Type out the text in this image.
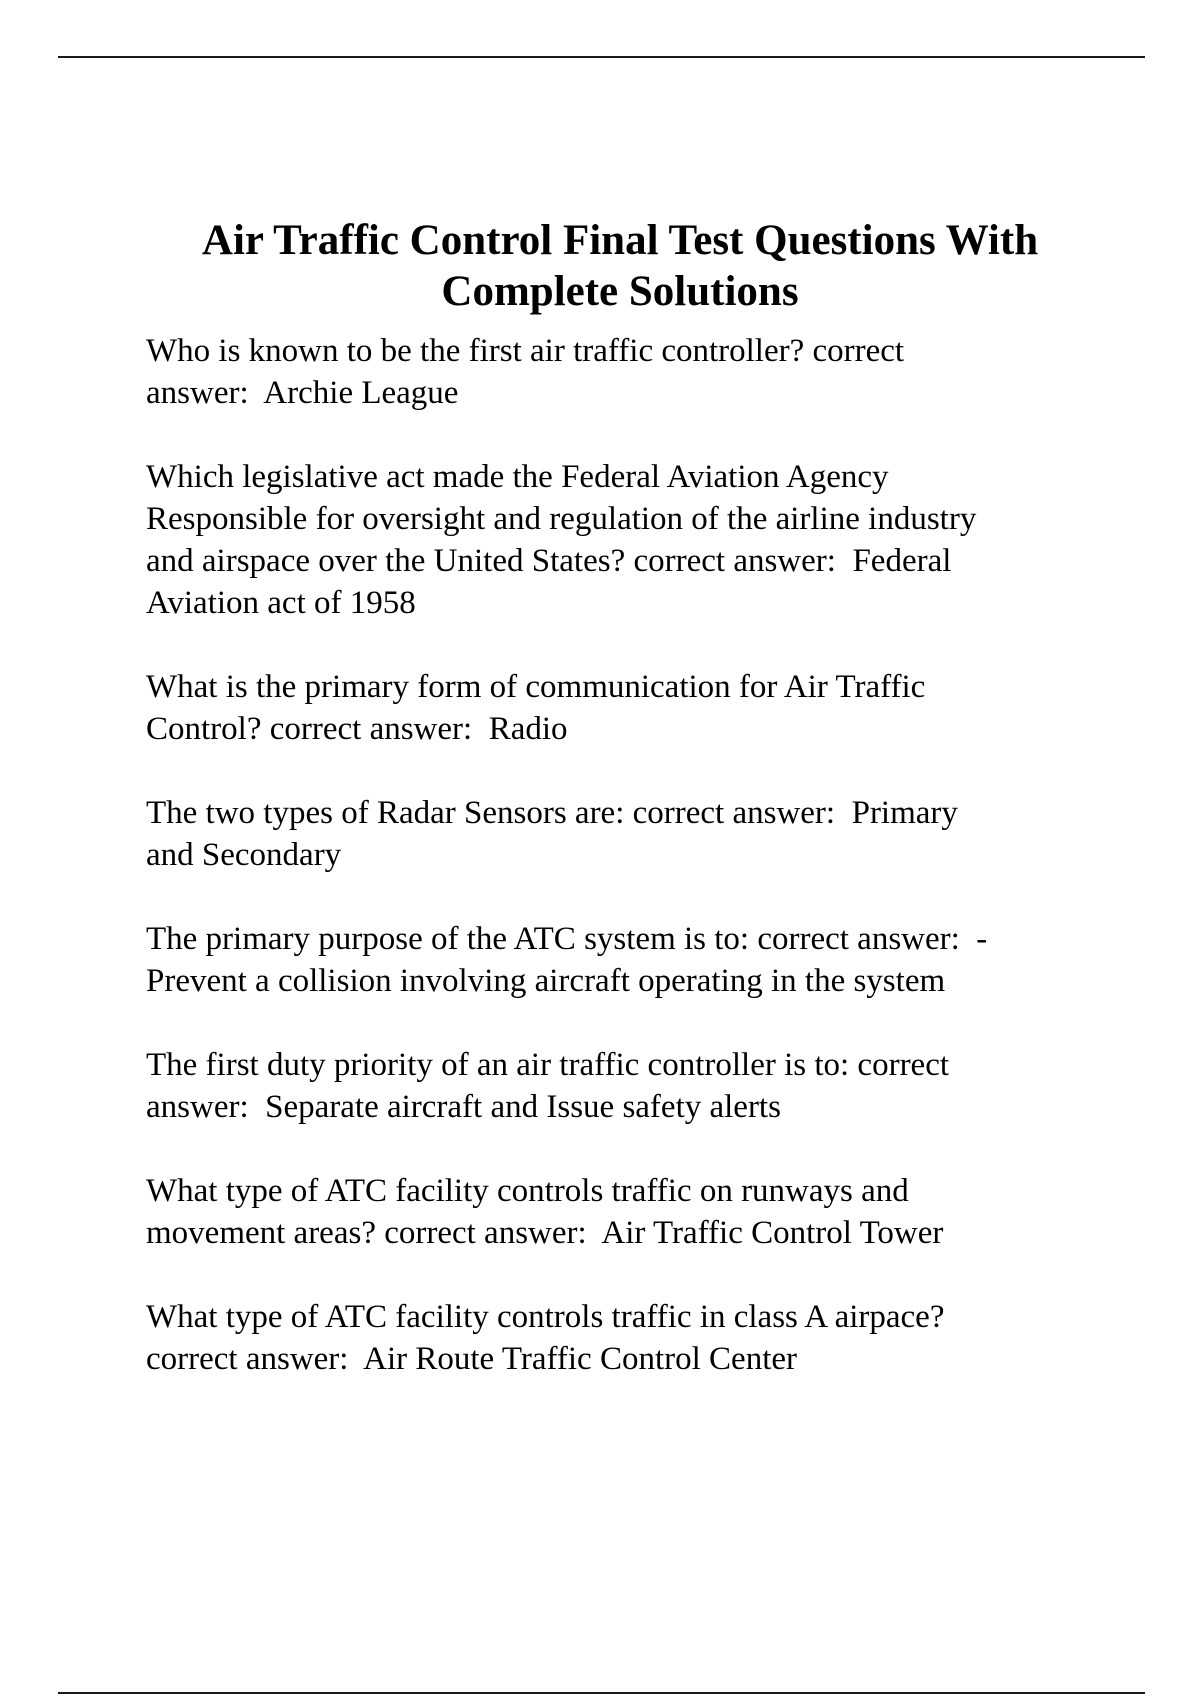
Air Traffic Control Final Test Questions With
Complete Solutions
Who is known to be the first air traffic controller? correct
answer:  Archie League
Which legislative act made the Federal Aviation Agency
Responsible for oversight and regulation of the airline industry
and airspace over the United States? correct answer:  Federal
Aviation act of 1958
What is the primary form of communication for Air Traffic
Control? correct answer:  Radio
The two types of Radar Sensors are: correct answer:  Primary
and Secondary
The primary purpose of the ATC system is to: correct answer:  -
Prevent a collision involving aircraft operating in the system
The first duty priority of an air traffic controller is to: correct
answer:  Separate aircraft and Issue safety alerts
What type of ATC facility controls traffic on runways and
movement areas? correct answer:  Air Traffic Control Tower
What type of ATC facility controls traffic in class A airpace?
correct answer:  Air Route Traffic Control Center
